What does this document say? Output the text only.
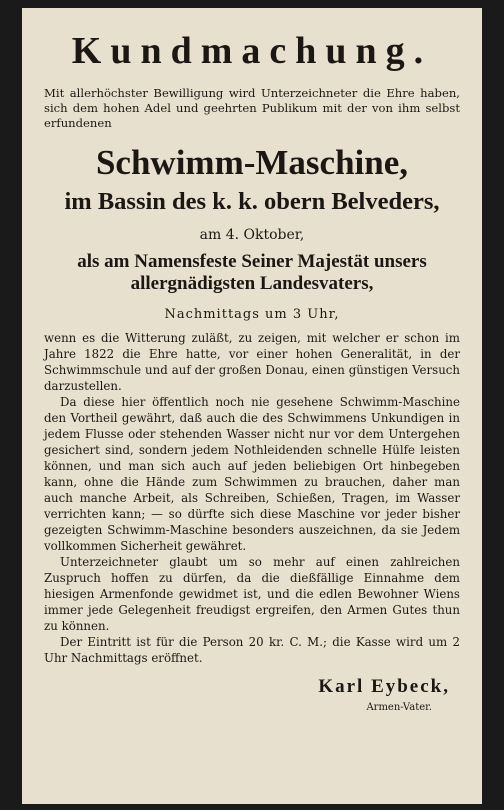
Kundmachung.
Mit allerhöchster Bewilligung wird Unterzeichneter die Ehre haben, sich dem hohen Adel und geehrten Publikum mit der von ihm selbst erfundenen
Schwimm-Maschine,
im Bassin des k. k. obern Belveders,
am 4. Oktober,
als am Namensfeste Seiner Majestät unsers allergnädigsten Landesvaters,
Nachmittags um 3 Uhr,

wenn es die Witterung zuläßt, zu zeigen, mit welcher er schon im Jahre 1822 die Ehre hatte, vor einer hohen Generalität, in der Schwimmschule und auf der großen Donau, einen günstigen Versuch darzustellen.

Da diese hier öffentlich noch nie gesehene Schwimm-Maschine den Vortheil gewährt, daß auch die des Schwimmens Unkundigen in jedem Flusse oder stehenden Wasser nicht nur vor dem Untergehen gesichert sind, sondern jedem Nothleidenden schnelle Hülfe leisten können, und man sich auch auf jeden beliebigen Ort hinbegeben kann, ohne die Hände zum Schwimmen zu brauchen, daher man auch manche Arbeit, als Schreiben, Schießen, Tragen, im Wasser verrichten kann; — so dürfte sich diese Maschine vor jeder bisher gezeigten Schwimm-Maschine besonders auszeichnen, da sie Jedem vollkommen Sicherheit gewähret.

Unterzeichneter glaubt um so mehr auf einen zahlreichen Zuspruch hoffen zu dürfen, da die dießfällige Einnahme dem hiesigen Armenfonde gewidmet ist, und die edlen Bewohner Wiens immer jede Gelegenheit freudigst ergreifen, den Armen Gutes thun zu können.

Der Eintritt ist für die Person 20 kr. C. M.; die Kasse wird um 2 Uhr Nachmittags eröffnet.

Karl Eybeck,
Armen-Vater.
